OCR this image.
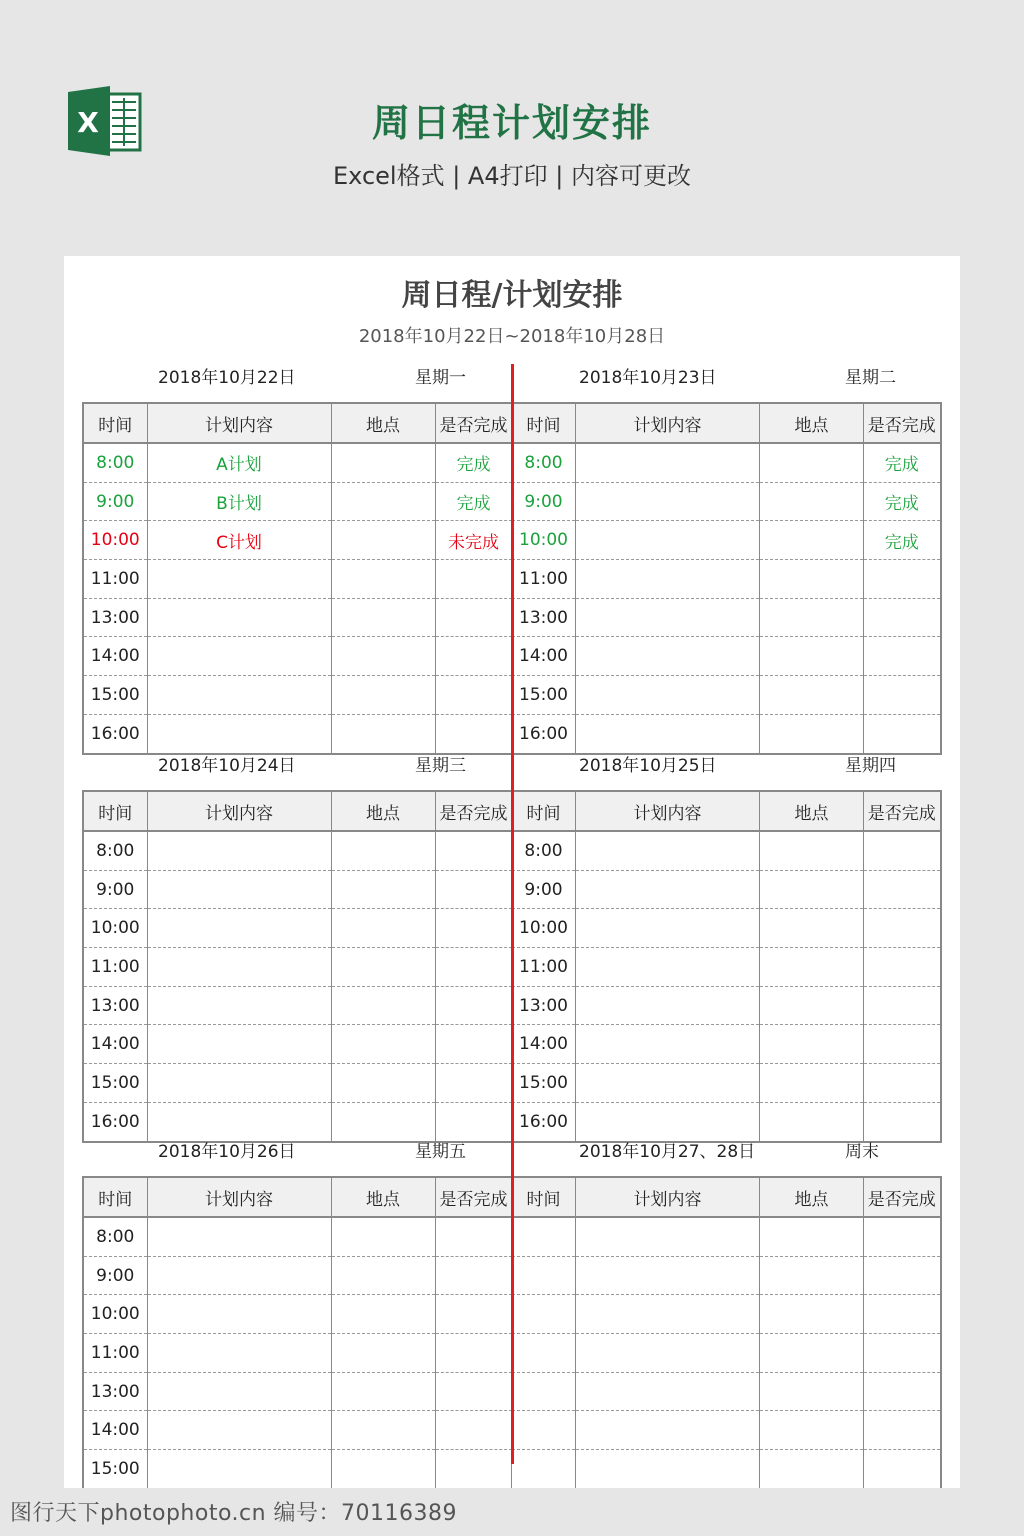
X	周日程计划安排
Excel格式 | A4打印 | 内容可更改
周日程/计划安排
2018年10月22日~2018年10月28日
2018年10月22日	星期一
时间	计划内容	地点	是否完成
8:00	A计划		完成
9:00	B计划		完成
10:00	C计划		未完成
11:00			
13:00			
14:00			
15:00			
16:00			
2018年10月23日	星期二
时间	计划内容	地点	是否完成
8:00			完成
9:00			完成
10:00			完成
11:00			
13:00			
14:00			
15:00			
16:00			
2018年10月24日	星期三
时间	计划内容	地点	是否完成
8:00			
9:00			
10:00			
11:00			
13:00			
14:00			
15:00			
16:00			
2018年10月25日	星期四
时间	计划内容	地点	是否完成
8:00			
9:00			
10:00			
11:00			
13:00			
14:00			
15:00			
16:00			
2018年10月26日	星期五
时间	计划内容	地点	是否完成
8:00			
9:00			
10:00			
11:00			
13:00			
14:00			
15:00			
2018年10月27、28日	周末
时间	计划内容	地点	是否完成

图行天下photophoto.cn 编号：70116389
